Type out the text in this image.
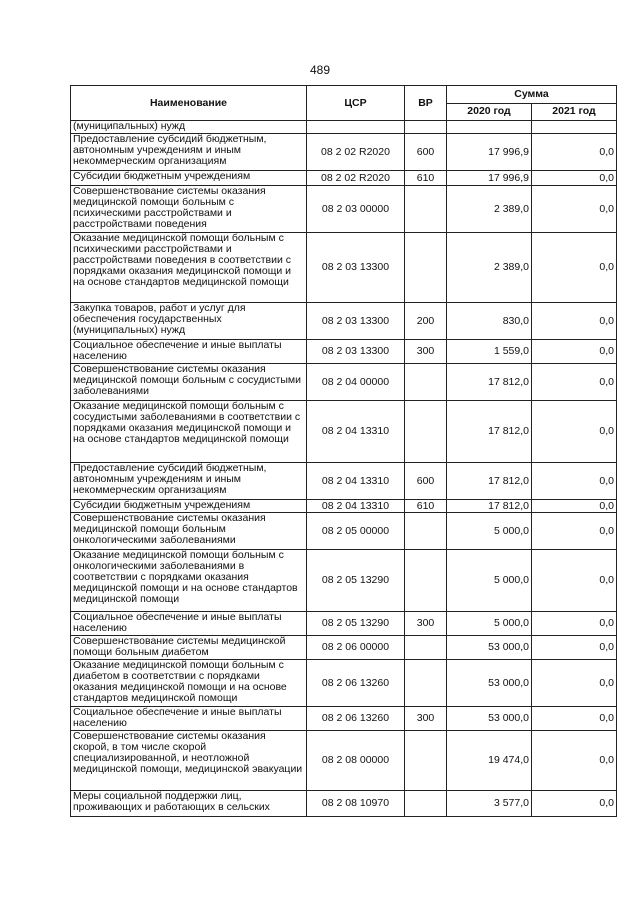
489
Наименование	ЦСР	ВР	Сумма	
			2020 год	2021 год
(муниципальных) нужд				
Предоставление субсидий бюджетным, автономным учреждениям и иным некоммерческим организациям	08 2 02 R2020	600	17 996,9	0,0
Субсидии бюджетным учреждениям	08 2 02 R2020	610	17 996,9	0,0
Совершенствование системы оказания медицинской помощи больным с психическими расстройствами и расстройствами поведения	08 2 03 00000		2 389,0	0,0
Оказание медицинской помощи больным с психическими расстройствами и расстройствами поведения в соответствии с порядками оказания медицинской помощи и на основе стандартов медицинской помощи	08 2 03 13300		2 389,0	0,0
Закупка товаров, работ и услуг для обеспечения государственных (муниципальных) нужд	08 2 03 13300	200	830,0	0,0
Социальное обеспечение и иные выплаты населению	08 2 03 13300	300	1 559,0	0,0
Совершенствование системы оказания медицинской помощи больным с сосудистыми заболеваниями	08 2 04 00000		17 812,0	0,0
Оказание медицинской помощи больным с сосудистыми заболеваниями в соответствии с порядками оказания медицинской помощи и на основе стандартов медицинской помощи	08 2 04 13310		17 812,0	0,0
Предоставление субсидий бюджетным, автономным учреждениям и иным некоммерческим организациям	08 2 04 13310	600	17 812,0	0,0
Субсидии бюджетным учреждениям	08 2 04 13310	610	17 812,0	0,0
Совершенствование системы оказания медицинской помощи больным онкологическими заболеваниями	08 2 05 00000		5 000,0	0,0
Оказание медицинской помощи больным с онкологическими заболеваниями в соответствии с порядками оказания медицинской помощи и на основе стандартов медицинской помощи	08 2 05 13290		5 000,0	0,0
Социальное обеспечение и иные выплаты населению	08 2 05 13290	300	5 000,0	0,0
Совершенствование системы медицинской помощи больным диабетом	08 2 06 00000		53 000,0	0,0
Оказание медицинской помощи больным с диабетом в соответствии с порядками оказания медицинской помощи и на основе стандартов медицинской помощи	08 2 06 13260		53 000,0	0,0
Социальное обеспечение и иные выплаты населению	08 2 06 13260	300	53 000,0	0,0
Совершенствование системы оказания скорой, в том числе скорой специализированной, и неотложной медицинской помощи, медицинской эвакуации	08 2 08 00000		19 474,0	0,0
Меры социальной поддержки лиц, проживающих и работающих в сельских	08 2 08 10970		3 577,0	0,0
